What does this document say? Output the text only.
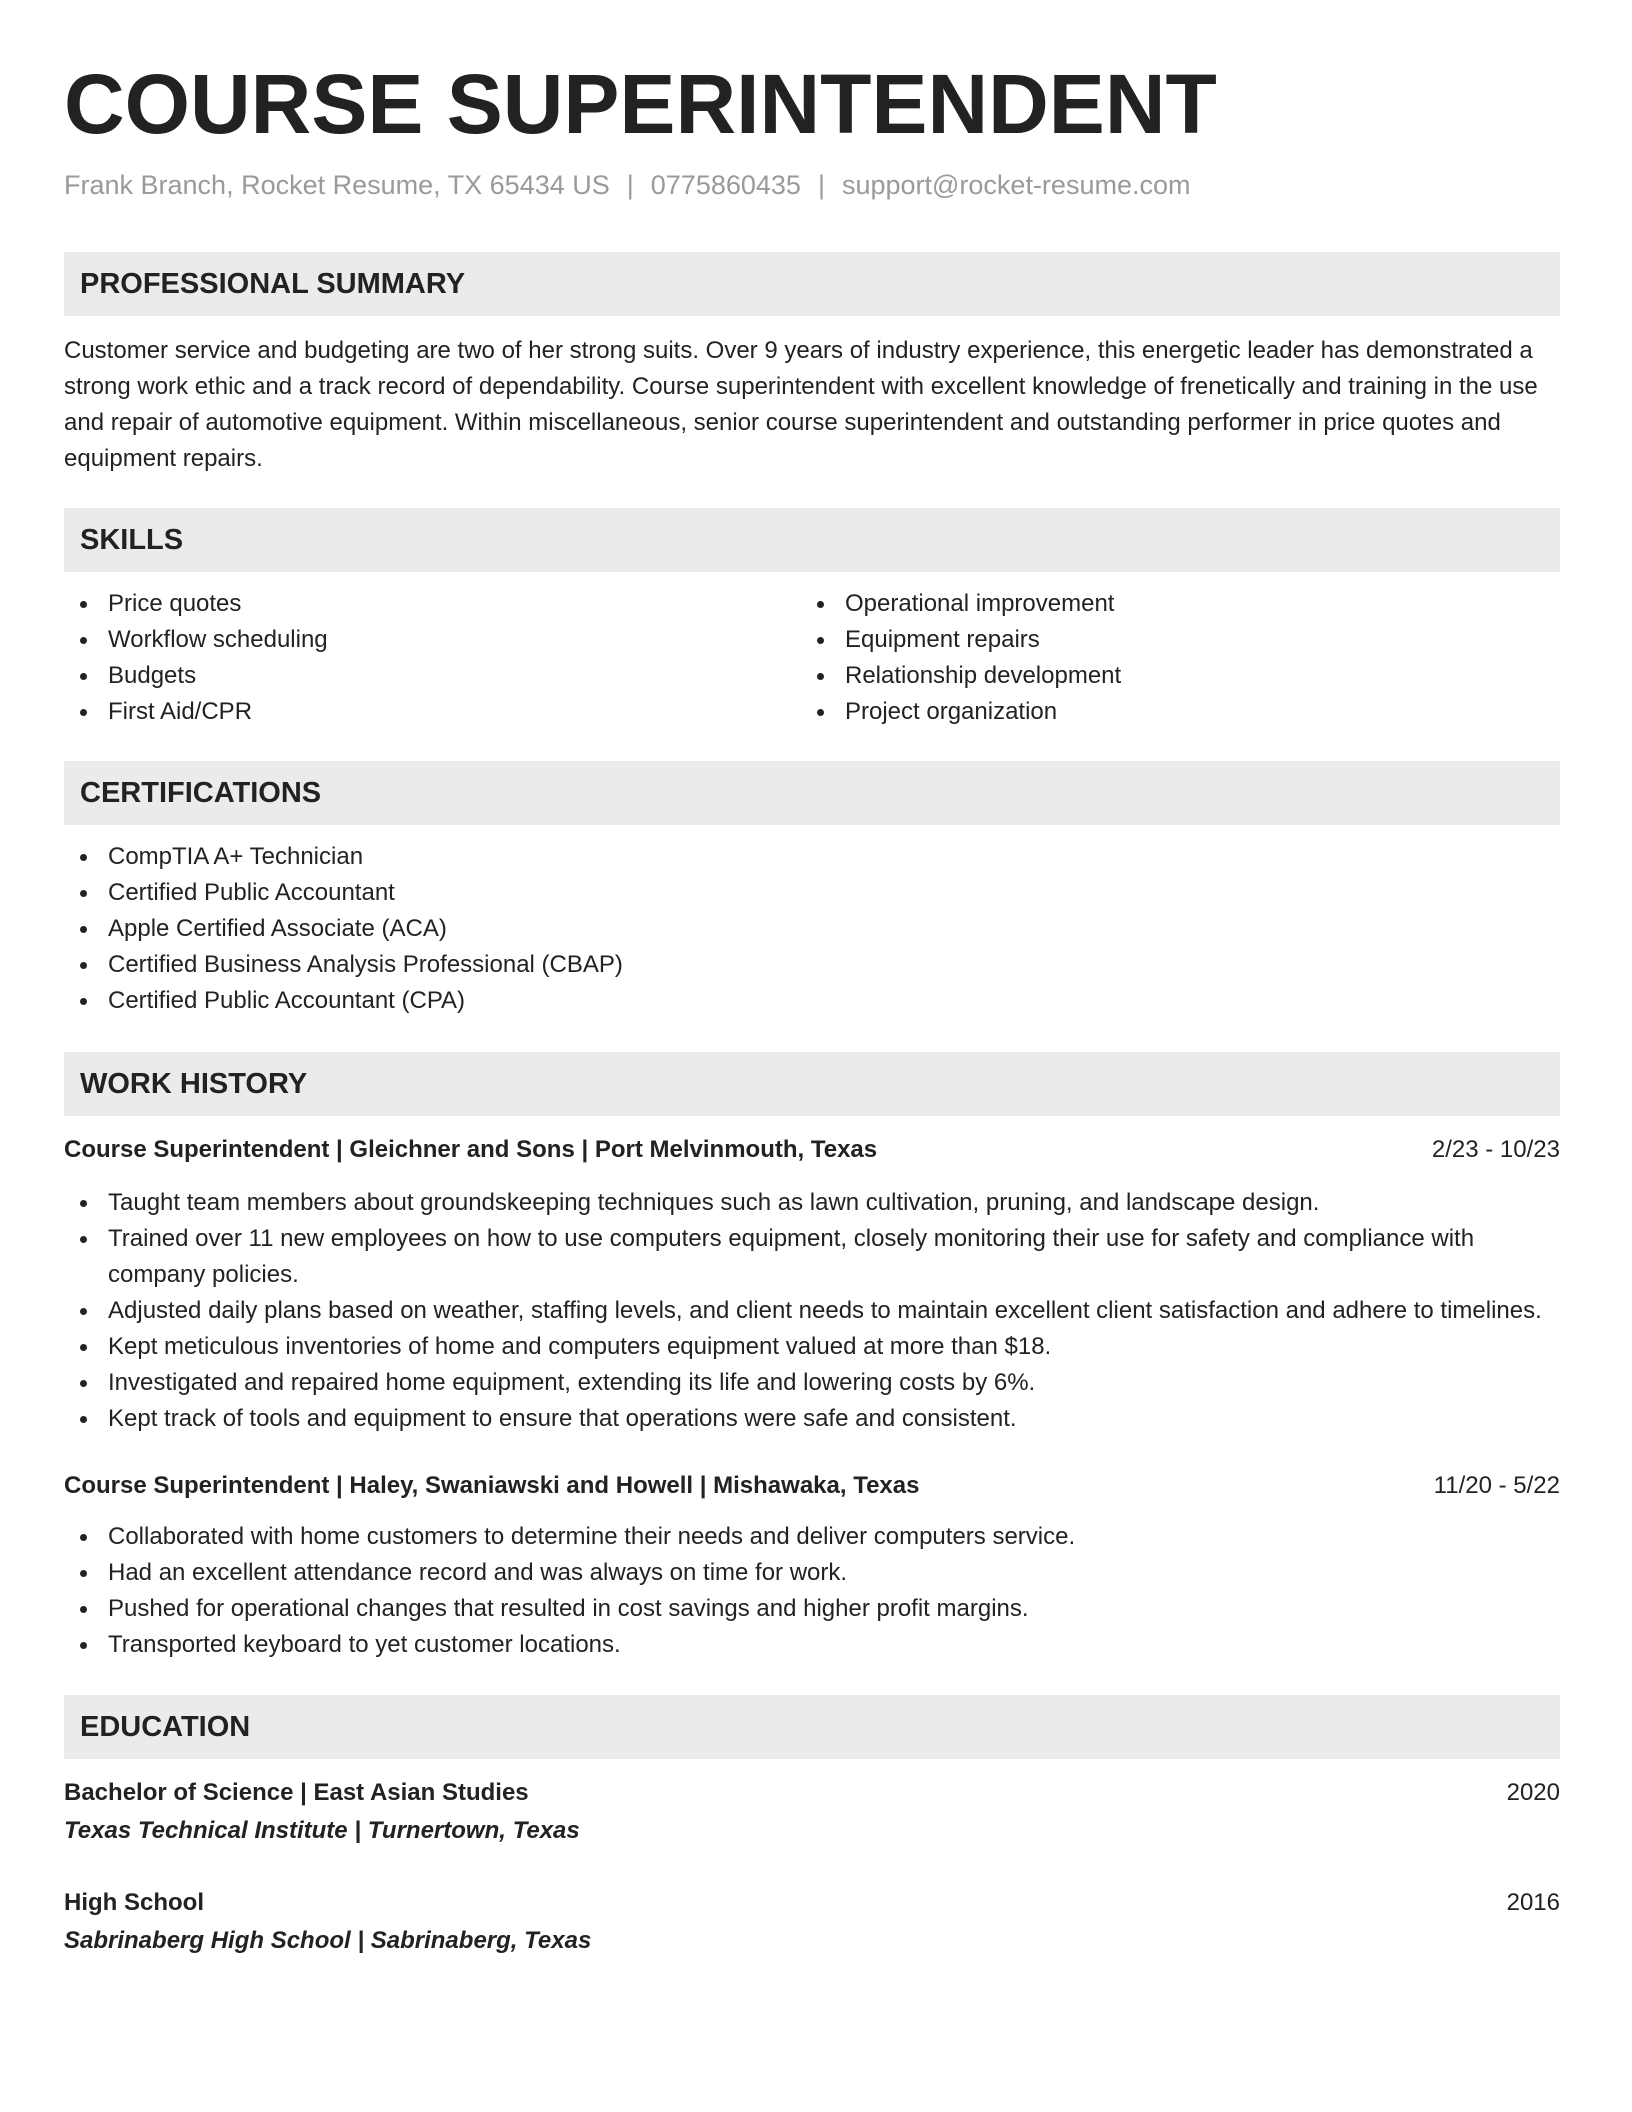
COURSE SUPERINTENDENT
Frank Branch, Rocket Resume, TX 65434 US | 0775860435 | support@rocket-resume.com
PROFESSIONAL SUMMARY

Customer service and budgeting are two of her strong suits. Over 9 years of industry experience, this energetic leader has demonstrated a strong work ethic and a track record of dependability. Course superintendent with excellent knowledge of frenetically and training in the use and repair of automotive equipment. Within miscellaneous, senior course superintendent and outstanding performer in price quotes and equipment repairs.

SKILLS
Price quotes
Workflow scheduling
Budgets
First Aid/CPR
Operational improvement
Equipment repairs
Relationship development
Project organization
CERTIFICATIONS
CompTIA A+ Technician
Certified Public Accountant
Apple Certified Associate (ACA)
Certified Business Analysis Professional (CBAP)
Certified Public Accountant (CPA)
WORK HISTORY
Course Superintendent | Gleichner and Sons | Port Melvinmouth, Texas	2/23 - 10/23
Taught team members about groundskeeping techniques such as lawn cultivation, pruning, and landscape design.
Trained over 11 new employees on how to use computers equipment, closely monitoring their use for safety and compliance with company policies.
Adjusted daily plans based on weather, staffing levels, and client needs to maintain excellent client satisfaction and adhere to timelines.
Kept meticulous inventories of home and computers equipment valued at more than $18.
Investigated and repaired home equipment, extending its life and lowering costs by 6%.
Kept track of tools and equipment to ensure that operations were safe and consistent.
Course Superintendent | Haley, Swaniawski and Howell | Mishawaka, Texas	11/20 - 5/22
Collaborated with home customers to determine their needs and deliver computers service.
Had an excellent attendance record and was always on time for work.
Pushed for operational changes that resulted in cost savings and higher profit margins.
Transported keyboard to yet customer locations.
EDUCATION
Bachelor of Science | East Asian Studies	2020
Texas Technical Institute | Turnertown, Texas
High School	2016
Sabrinaberg High School | Sabrinaberg, Texas
